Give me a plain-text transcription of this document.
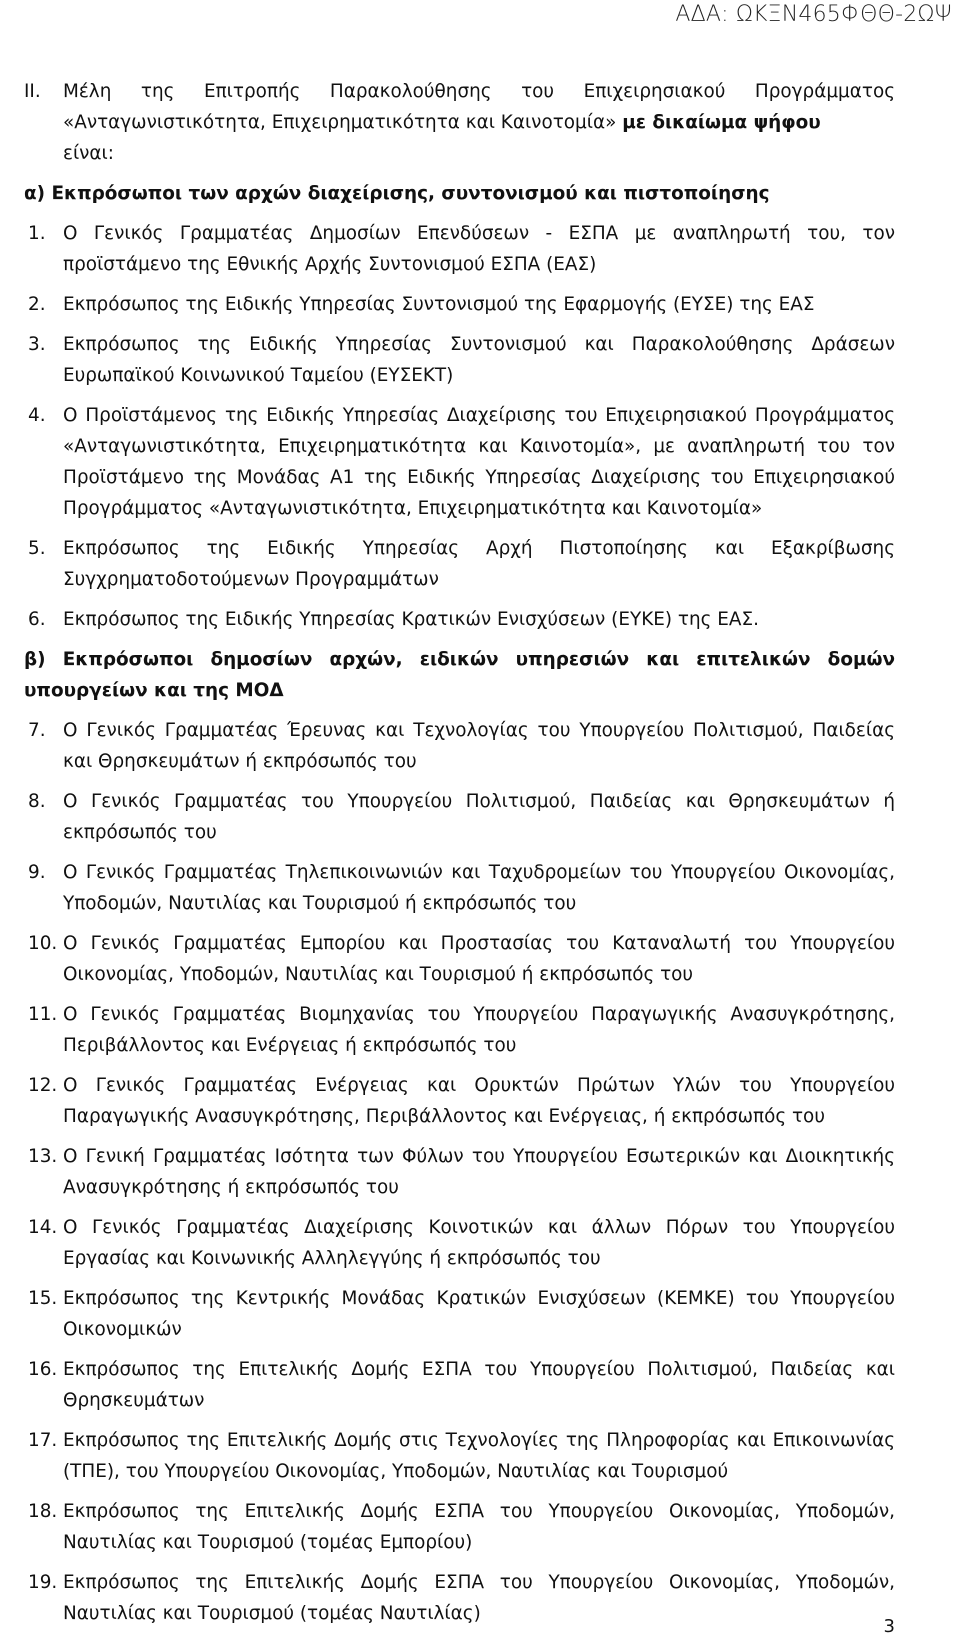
ΑΔΑ: ΩΚΞΝ465ΦΘΘ-2ΩΨ
II. Μέλη της Επιτροπής Παρακολούθησης του Επιχειρησιακού Προγράμματος «Ανταγωνιστικότητα, Επιχειρηματικότητα και Καινοτομία» με δικαίωμα ψήφου

είναι:

α) Εκπρόσωποι των αρχών διαχείρισης, συντονισμού και πιστοποίησης
1. Ο Γενικός Γραμματέας Δημοσίων Επενδύσεων - ΕΣΠΑ με αναπληρωτή του, τον προϊστάμενο της Εθνικής Αρχής Συντονισμού ΕΣΠΑ (ΕΑΣ)
2. Εκπρόσωπος της Ειδικής Υπηρεσίας Συντονισμού της Εφαρμογής (ΕΥΣΕ) της ΕΑΣ
3. Εκπρόσωπος της Ειδικής Υπηρεσίας Συντονισμού και Παρακολούθησης Δράσεων Ευρωπαϊκού Κοινωνικού Ταμείου (ΕΥΣΕΚΤ)
4. Ο Προϊστάμενος της Ειδικής Υπηρεσίας Διαχείρισης του Επιχειρησιακού Προγράμματος «Ανταγωνιστικότητα, Επιχειρηματικότητα και Καινοτομία», με αναπληρωτή του τον Προϊστάμενο της Μονάδας Α1 της Ειδικής Υπηρεσίας Διαχείρισης του Επιχειρησιακού Προγράμματος «Ανταγωνιστικότητα, Επιχειρηματικότητα και Καινοτομία»
5. Εκπρόσωπος της Ειδικής Υπηρεσίας Αρχή Πιστοποίησης και Εξακρίβωσης Συγχρηματοδοτούμενων Προγραμμάτων
6. Εκπρόσωπος της Ειδικής Υπηρεσίας Κρατικών Ενισχύσεων (ΕΥΚΕ) της ΕΑΣ.
β) Εκπρόσωποι δημοσίων αρχών, ειδικών υπηρεσιών και επιτελικών δομών υπουργείων και της ΜΟΔ
7. Ο Γενικός Γραμματέας Έρευνας και Τεχνολογίας του Υπουργείου Πολιτισμού, Παιδείας και Θρησκευμάτων ή εκπρόσωπός του
8. Ο Γενικός Γραμματέας του Υπουργείου Πολιτισμού, Παιδείας και Θρησκευμάτων ή εκπρόσωπός του
9. Ο Γενικός Γραμματέας Τηλεπικοινωνιών και Ταχυδρομείων του Υπουργείου Οικονομίας, Υποδομών, Ναυτιλίας και Τουρισμού ή εκπρόσωπός του
10. Ο Γενικός Γραμματέας Εμπορίου και Προστασίας του Καταναλωτή του Υπουργείου Οικονομίας, Υποδομών, Ναυτιλίας και Τουρισμού ή εκπρόσωπός του
11. Ο Γενικός Γραμματέας Βιομηχανίας του Υπουργείου Παραγωγικής Ανασυγκρότησης, Περιβάλλοντος και Ενέργειας ή εκπρόσωπός του
12. Ο Γενικός Γραμματέας Ενέργειας και Ορυκτών Πρώτων Υλών του Υπουργείου Παραγωγικής Ανασυγκρότησης, Περιβάλλοντος και Ενέργειας, ή εκπρόσωπός του
13. Ο Γενική Γραμματέας Ισότητα των Φύλων του Υπουργείου Εσωτερικών και Διοικητικής Ανασυγκρότησης ή εκπρόσωπός του
14. Ο Γενικός Γραμματέας Διαχείρισης Κοινοτικών και άλλων Πόρων του Υπουργείου Εργασίας και Κοινωνικής Αλληλεγγύης ή εκπρόσωπός του
15. Εκπρόσωπος της Κεντρικής Μονάδας Κρατικών Ενισχύσεων (ΚΕΜΚΕ) του Υπουργείου Οικονομικών
16. Εκπρόσωπος της Επιτελικής Δομής ΕΣΠΑ του Υπουργείου Πολιτισμού, Παιδείας και Θρησκευμάτων
17. Εκπρόσωπος της Επιτελικής Δομής στις Τεχνολογίες της Πληροφορίας και Επικοινωνίας (ΤΠΕ), του Υπουργείου Οικονομίας, Υποδομών, Ναυτιλίας και Τουρισμού
18. Εκπρόσωπος της Επιτελικής Δομής ΕΣΠΑ του Υπουργείου Οικονομίας, Υποδομών, Ναυτιλίας και Τουρισμού (τομέας Εμπορίου)
19. Εκπρόσωπος της Επιτελικής Δομής ΕΣΠΑ του Υπουργείου Οικονομίας, Υποδομών, Ναυτιλίας και Τουρισμού (τομέας Ναυτιλίας)
3
